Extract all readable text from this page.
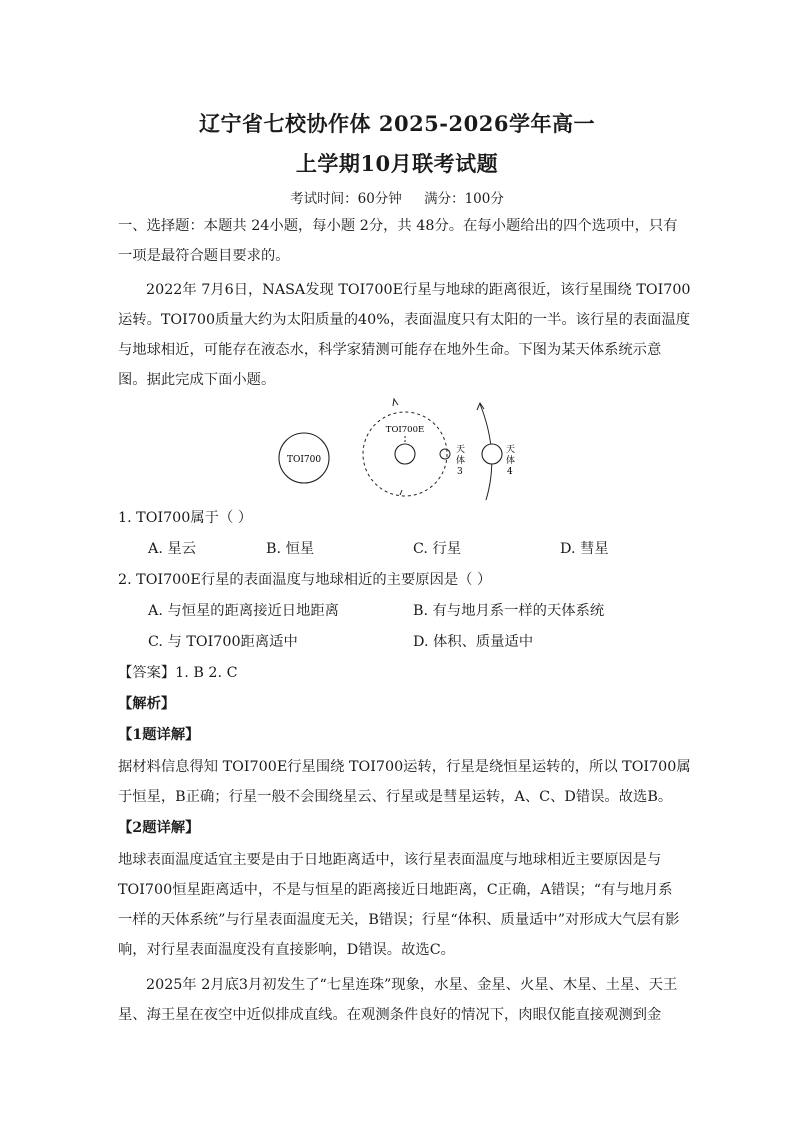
辽宁省七校协作体 2025-2026学年高一
上学期10月联考试题
考试时间：60分钟 满分：100分
一、选择题：本题共 24小题，每小题 2分，共 48分。在每小题给出的四个选项中，只有
一项是最符合题目要求的。
2022年 7月6日，NASA发现 TOI700E行星与地球的距离很近，该行星围绕 TOI700
运转。TOI700质量大约为太阳质量的40%，表面温度只有太阳的一半。该行星的表面温度
与地球相近，可能存在液态水，科学家猜测可能存在地外生命。下图为某天体系统示意
图。据此完成下面小题。
TOI700
TOI700E
天
体
3
天
体
4
1. TOI700属于（ ）
A. 星云	B. 恒星	C. 行星	D. 彗星
2. TOI700E行星的表面温度与地球相近的主要原因是（ ）
A. 与恒星的距离接近日地距离	B. 有与地月系一样的天体系统
C. 与 TOI700距离适中	D. 体积、质量适中
【答案】1. B 2. C
【解析】
【1题详解】
据材料信息得知 TOI700E行星围绕 TOI700运转，行星是绕恒星运转的，所以 TOI700属
于恒星，B正确；行星一般不会围绕星云、行星或是彗星运转，A、C、D错误。故选B。
【2题详解】
地球表面温度适宜主要是由于日地距离适中，该行星表面温度与地球相近主要原因是与
TOI700恒星距离适中，不是与恒星的距离接近日地距离，C正确，A错误；“有与地月系
一样的天体系统”与行星表面温度无关，B错误；行星“体积、质量适中”对形成大气层有影
响，对行星表面温度没有直接影响，D错误。故选C。
2025年 2月底3月初发生了“七星连珠”现象，水星、金星、火星、木星、土星、天王
星、海王星在夜空中近似排成直线。在观测条件良好的情况下，肉眼仅能直接观测到金
